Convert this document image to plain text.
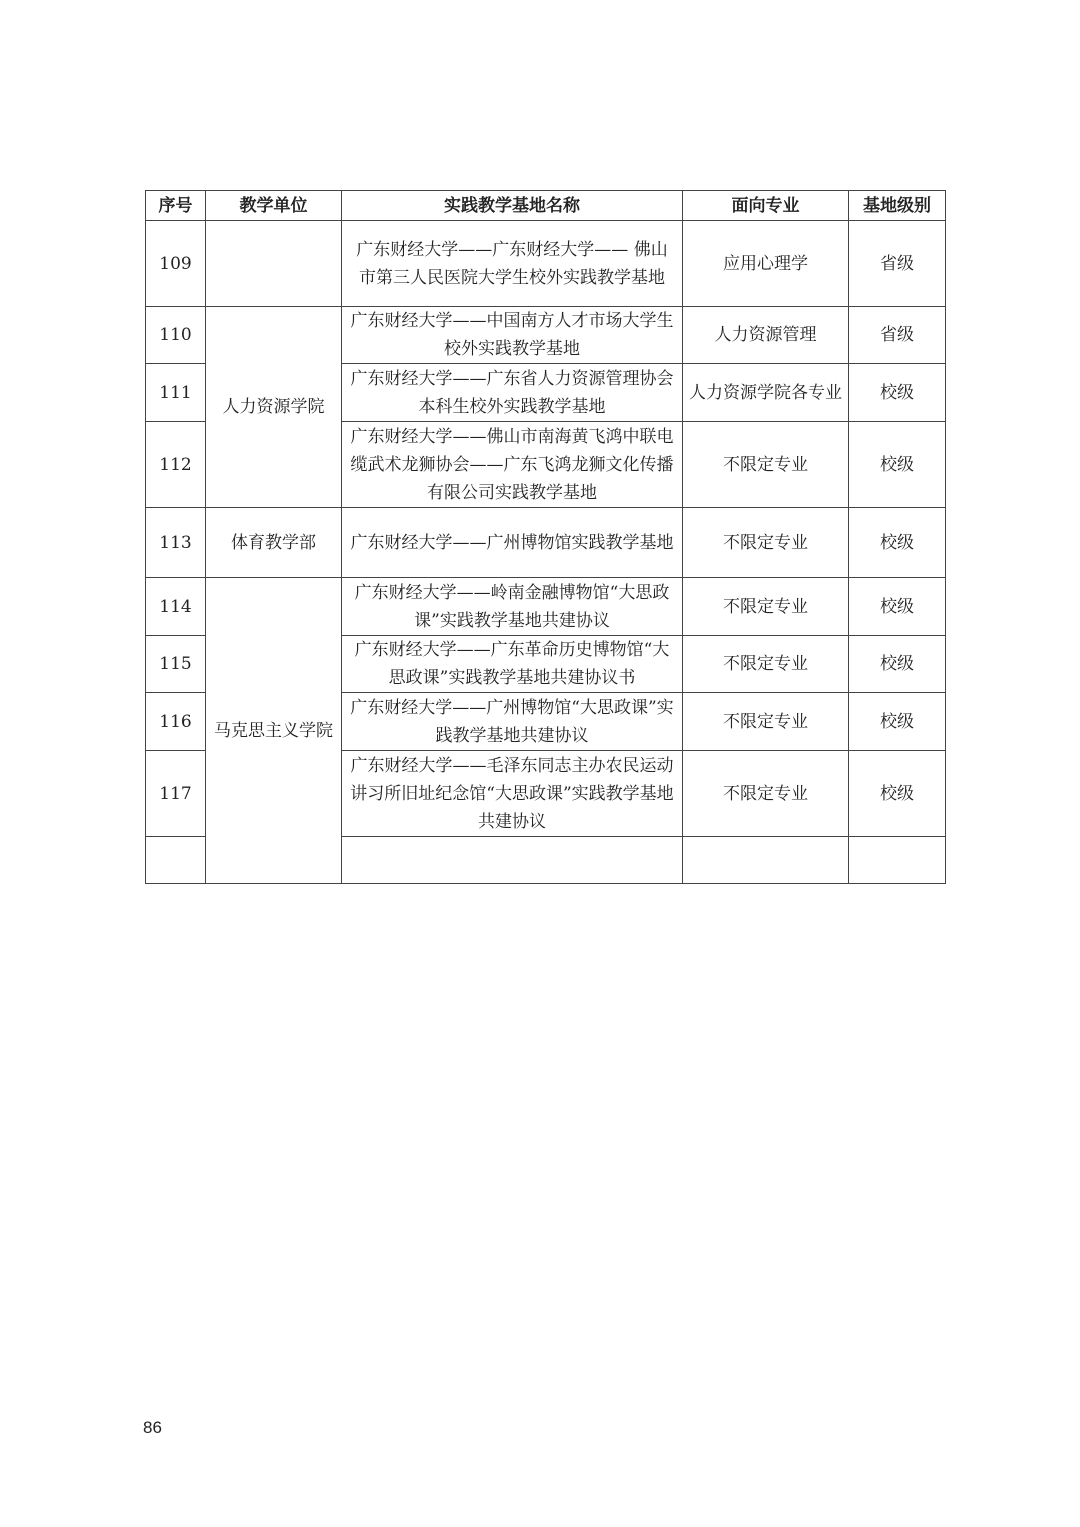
序号	教学单位	实践教学基地名称	面向专业	基地级别
109		广东财经大学——广东财经大学—— 佛山市第三人民医院大学生校外实践教学基地	应用心理学	省级
110	人力资源学院	广东财经大学——中国南方人才市场大学生校外实践教学基地	人力资源管理	省级
111		广东财经大学——广东省人力资源管理协会本科生校外实践教学基地	人力资源学院各专业	校级
112		广东财经大学——佛山市南海黄飞鸿中联电缆武术龙狮协会——广东飞鸿龙狮文化传播有限公司实践教学基地	不限定专业	校级
113	体育教学部	广东财经大学——广州博物馆实践教学基地	不限定专业	校级
114	马克思主义学院	广东财经大学——岭南金融博物馆“大思政课”实践教学基地共建协议	不限定专业	校级
115		广东财经大学——广东革命历史博物馆“大思政课”实践教学基地共建协议书	不限定专业	校级
116		广东财经大学——广州博物馆“大思政课”实践教学基地共建协议	不限定专业	校级
117		广东财经大学——毛泽东同志主办农民运动讲习所旧址纪念馆“大思政课”实践教学基地共建协议	不限定专业	校级

86
